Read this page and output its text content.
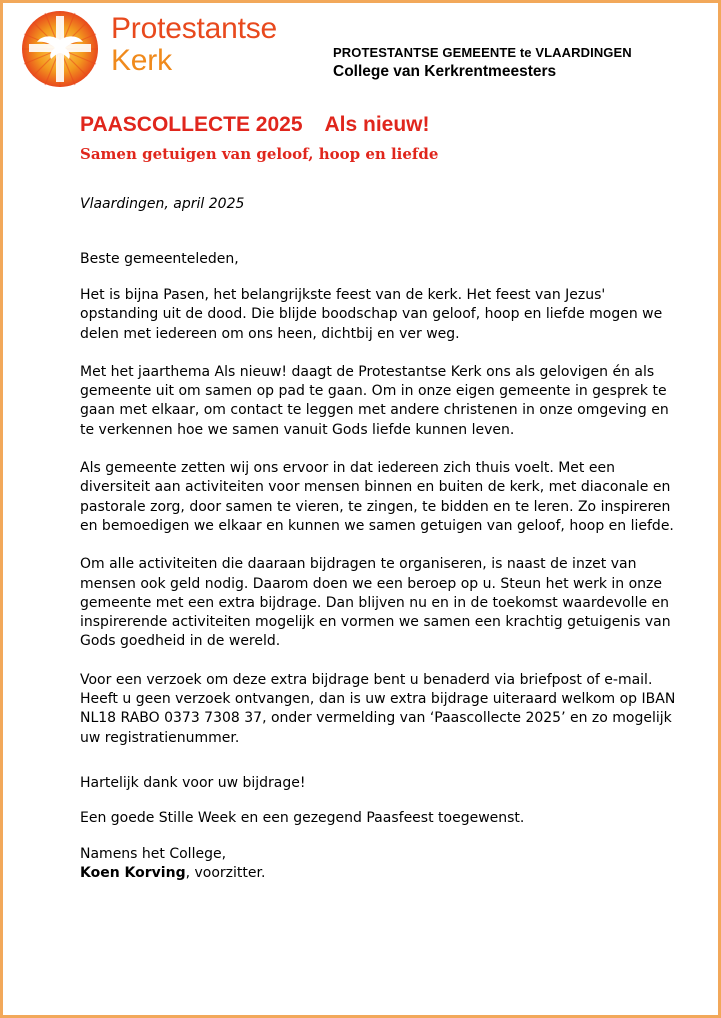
Protestantse
Kerk	PROTESTANTSE GEMEENTE te VLAARDINGEN
College van Kerkrentmeesters
PAASCOLLECTE 2025 Als nieuw!
Samen getuigen van geloof, hoop en liefde
Vlaardingen, april 2025
Beste gemeenteleden,

Het is bijna Pasen, het belangrijkste feest van de kerk. Het feest van Jezus' opstanding uit de dood. Die blijde boodschap van geloof, hoop en liefde mogen we delen met iedereen om ons heen, dichtbij en ver weg.

Met het jaarthema Als nieuw! daagt de Protestantse Kerk ons als gelovigen én als gemeente uit om samen op pad te gaan. Om in onze eigen gemeente in gesprek te gaan met elkaar, om contact te leggen met andere christenen in onze omgeving en te verkennen hoe we samen vanuit Gods liefde kunnen leven.

Als gemeente zetten wij ons ervoor in dat iedereen zich thuis voelt. Met een diversiteit aan activiteiten voor mensen binnen en buiten de kerk, met diaconale en pastorale zorg, door samen te vieren, te zingen, te bidden en te leren. Zo inspireren en bemoedigen we elkaar en kunnen we samen getuigen van geloof, hoop en liefde.

Om alle activiteiten die daaraan bijdragen te organiseren, is naast de inzet van mensen ook geld nodig. Daarom doen we een beroep op u. Steun het werk in onze gemeente met een extra bijdrage. Dan blijven nu en in de toekomst waardevolle en inspirerende activiteiten mogelijk en vormen we samen een krachtig getuigenis van Gods goedheid in de wereld.

Voor een verzoek om deze extra bijdrage bent u benaderd via briefpost of e-mail. Heeft u geen verzoek ontvangen, dan is uw extra bijdrage uiteraard welkom op IBAN NL18 RABO 0373 7308 37, onder vermelding van ‘Paascollecte 2025’ en zo mogelijk uw registratienummer.

Hartelijk dank voor uw bijdrage!
Een goede Stille Week en een gezegend Paasfeest toegewenst.
Namens het College,
Koen Korving, voorzitter.
